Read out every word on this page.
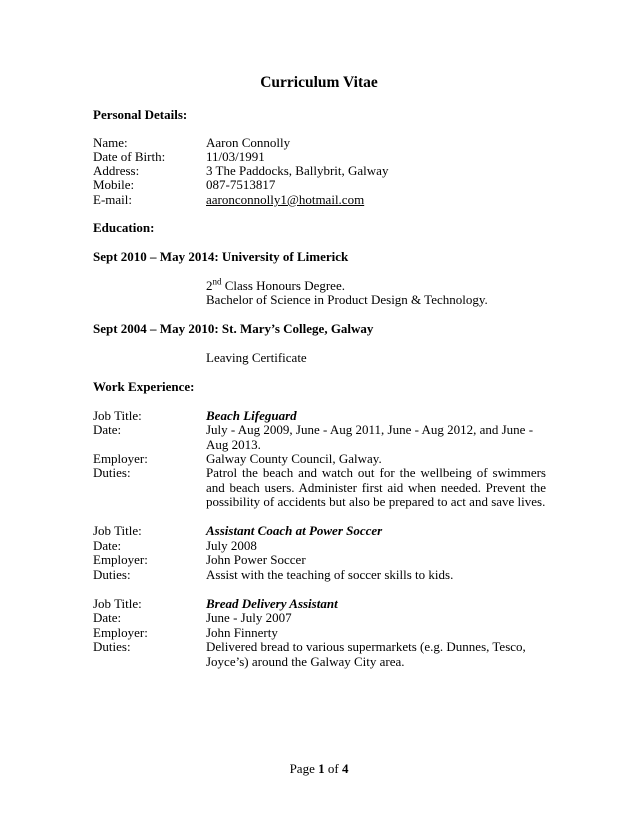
Curriculum Vitae
Personal Details:
Name:	Aaron Connolly
Date of Birth:	11/03/1991
Address:	3 The Paddocks, Ballybrit, Galway
Mobile:	087-7513817
E-mail:	aaronconnolly1@hotmail.com
Education:
Sept 2010 – May 2014: University of Limerick
2nd Class Honours Degree.
Bachelor of Science in Product Design & Technology.
Sept 2004 – May 2010: St. Mary’s College, Galway
Leaving Certificate
Work Experience:
Job Title:	Beach Lifeguard
Date:	July - Aug 2009, June - Aug 2011, June - Aug 2012, and June - Aug 2013.
Employer:	Galway County Council, Galway.
Duties:	Patrol the beach and watch out for the wellbeing of swimmers and beach users. Administer first aid when needed. Prevent the possibility of accidents but also be prepared to act and save lives.
Job Title:	Assistant Coach at Power Soccer
Date:	July 2008
Employer:	John Power Soccer
Duties:	Assist with the teaching of soccer skills to kids.
Job Title:	Bread Delivery Assistant
Date:	June - July 2007
Employer:	John Finnerty
Duties:	Delivered bread to various supermarkets (e.g. Dunnes, Tesco, Joyce’s) around the Galway City area.
Page 1 of 4
